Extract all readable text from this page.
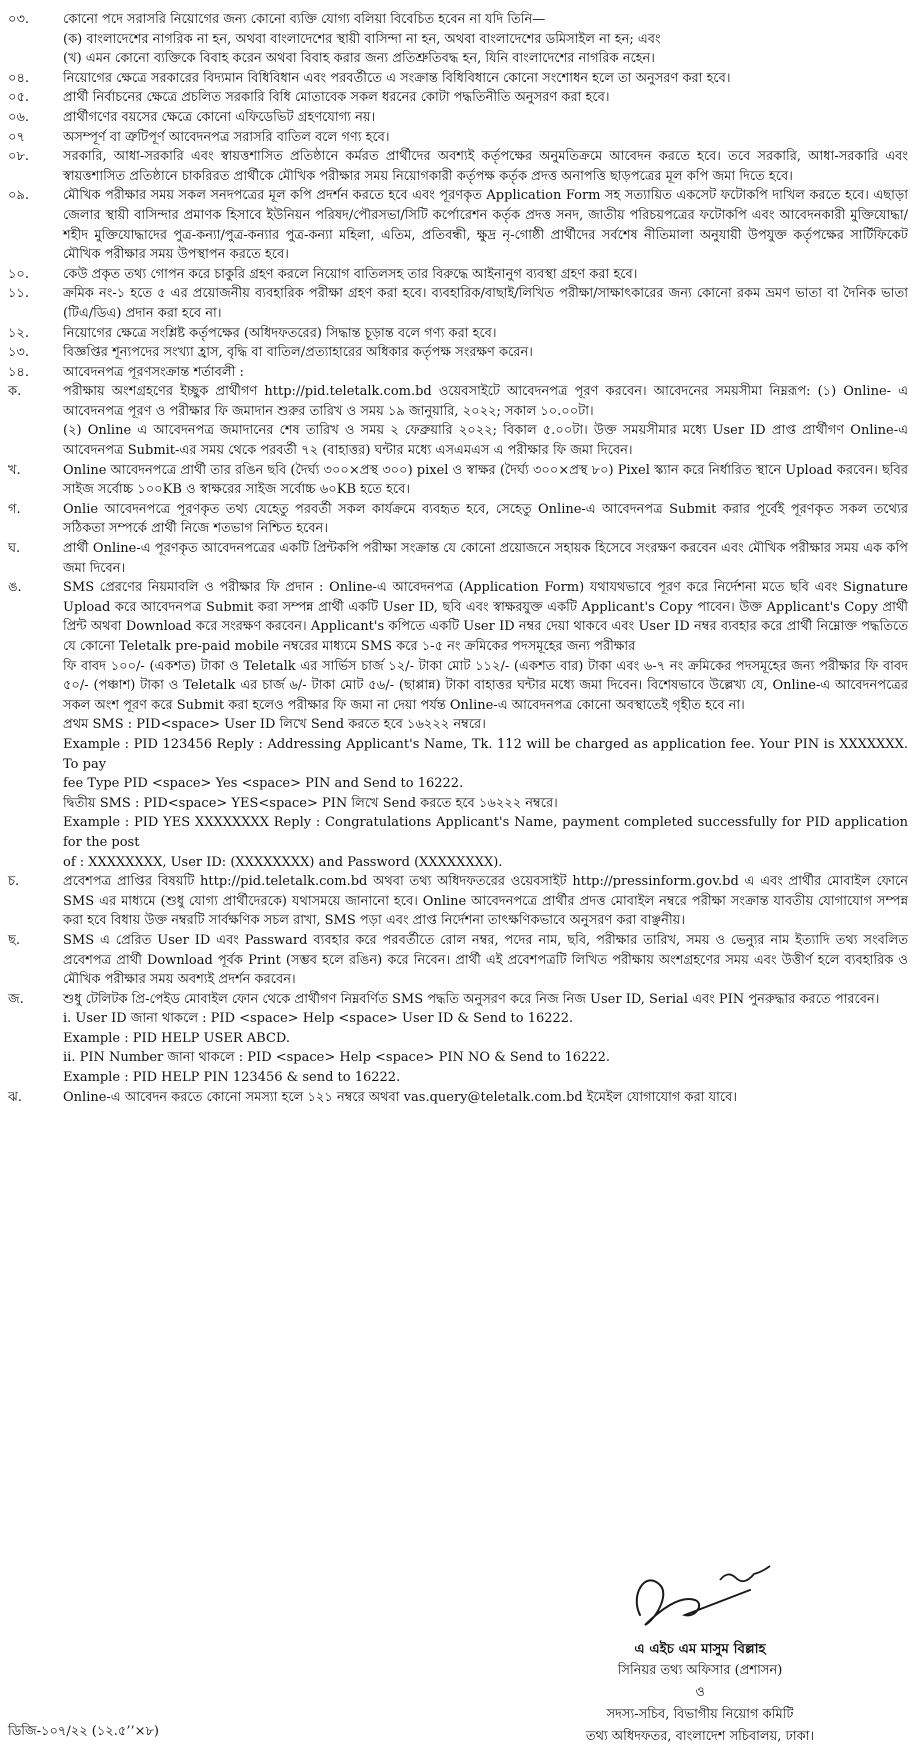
০৩.	কোনো পদে সরাসরি নিয়োগের জন্য কোনো ব্যক্তি যোগ্য বলিয়া বিবেচিত হবেন না যদি তিনি—
(ক) বাংলাদেশের নাগরিক না হন, অথবা বাংলাদেশের স্থায়ী বাসিন্দা না হন, অথবা বাংলাদেশের ডমিসাইল না হন; এবং
(খ) এমন কোনো ব্যক্তিকে বিবাহ করেন অথবা বিবাহ করার জন্য প্রতিশ্রুতিবদ্ধ হন, যিনি বাংলাদেশের নাগরিক নহেন।
০৪.	নিয়োগের ক্ষেত্রে সরকারের বিদ্যমান বিধিবিধান এবং পরবর্তীতে এ সংক্রান্ত বিধিবিধানে কোনো সংশোধন হলে তা অনুসরণ করা হবে।
০৫.	প্রার্থী নির্বাচনের ক্ষেত্রে প্রচলিত সরকারি বিধি মোতাবেক সকল ধরনের কোটা পদ্ধতিনীতি অনুসরণ করা হবে।
০৬.	প্রার্থীগণের বয়সের ক্ষেত্রে কোনো এফিডেভিট গ্রহণযোগ্য নয়।
০৭	অসম্পূর্ণ বা ত্রুটিপূর্ণ আবেদনপত্র সরাসরি বাতিল বলে গণ্য হবে।
০৮.	সরকারি, আধা-সরকারি এবং স্বায়ত্তশাসিত প্রতিষ্ঠানে কর্মরত প্রার্থীদের অবশ্যই কর্তৃপক্ষের অনুমতিক্রমে আবেদন করতে হবে। তবে সরকারি, আধা-সরকারি এবং স্বায়ত্তশাসিত প্রতিষ্ঠানে চাকরিরত প্রার্থীকে মৌখিক পরীক্ষার সময় নিয়োগকারী কর্তৃপক্ষ কর্তৃক প্রদত্ত অনাপত্তি ছাড়পত্রের মূল কপি জমা দিতে হবে।
০৯.	মৌখিক পরীক্ষার সময় সকল সনদপত্রের মূল কপি প্রদর্শন করতে হবে এবং পূরণকৃত Application Form সহ সত্যায়িত একসেট ফটোকপি দাখিল করতে হবে। এছাড়া জেলার স্থায়ী বাসিন্দার প্রমাণক হিসাবে ইউনিয়ন পরিষদ/পৌরসভা/সিটি কর্পোরেশন কর্তৃক প্রদত্ত সনদ, জাতীয় পরিচয়পত্রের ফটোকপি এবং আবেদনকারী মুক্তিযোদ্ধা/শহীদ মুক্তিযোদ্ধাদের পুত্র-কন্যা/পুত্র-কন্যার পুত্র-কন্যা মহিলা, এতিম, প্রতিবন্ধী, ক্ষুদ্র নৃ-গোষ্ঠী প্রার্থীদের সর্বশেষ নীতিমালা অনুযায়ী উপযুক্ত কর্তৃপক্ষের সার্টিফিকেট মৌখিক পরীক্ষার সময় উপস্থাপন করতে হবে।
১০.	কেউ প্রকৃত তথ্য গোপন করে চাকুরি গ্রহণ করলে নিয়োগ বাতিলসহ তার বিরুদ্ধে আইনানুগ ব্যবস্থা গ্রহণ করা হবে।
১১.	ক্রমিক নং-১ হতে ৫ এর প্রয়োজনীয় ব্যবহারিক পরীক্ষা গ্রহণ করা হবে। ব্যবহারিক/বাছাই/লিখিত পরীক্ষা/সাক্ষাৎকারের জন্য কোনো রকম ভ্রমণ ভাতা বা দৈনিক ভাতা (টিএ/ডিএ) প্রদান করা হবে না।
১২.	নিয়োগের ক্ষেত্রে সংশ্লিষ্ট কর্তৃপক্ষের (অধিদফতরের) সিদ্ধান্ত চূড়ান্ত বলে গণ্য করা হবে।
১৩.	বিজ্ঞপ্তির শূন্যপদের সংখ্যা হ্রাস, বৃদ্ধি বা বাতিল/প্রত্যাহারের অধিকার কর্তৃপক্ষ সংরক্ষণ করেন।
১৪.	আবেদনপত্র পূরণসংক্রান্ত শর্তাবলী :
ক.	পরীক্ষায় অংশগ্রহণের ইচ্ছুক প্রার্থীগণ http://pid.teletalk.com.bd ওয়েবসাইটে আবেদনপত্র পূরণ করবেন। আবেদনের সময়সীমা নিম্নরূপ: (১) Online- এ আবেদনপত্র পূরণ ও পরীক্ষার ফি জমাদান শুরুর তারিখ ও সময় ১৯ জানুয়ারি, ২০২২; সকাল ১০.০০টা।
(২) Online এ আবেদনপত্র জমাদানের শেষ তারিখ ও সময় ২ ফেব্রুয়ারি ২০২২; বিকাল ৫.০০টা। উক্ত সময়সীমার মধ্যে User ID প্রাপ্ত প্রার্থীগণ Online-এ আবেদনপত্র Submit-এর সময় থেকে পরবর্তী ৭২ (বাহাত্তর) ঘন্টার মধ্যে এসএমএস এ পরীক্ষার ফি জমা দিবেন।
খ.	Online আবেদনপত্রে প্রার্থী তার রঙিন ছবি (দৈর্ঘ্য ৩০০×প্রস্থ ৩০০) pixel ও স্বাক্ষর (দৈর্ঘ্য ৩০০×প্রস্থ ৮০) Pixel স্ক্যান করে নির্ধারিত স্থানে Upload করবেন। ছবির সাইজ সর্বোচ্চ ১০০KB ও স্বাক্ষরের সাইজ সর্বোচ্চ ৬০KB হতে হবে।
গ.	Onlie আবেদনপত্রে পূরণকৃত তথ্য যেহেতু পরবর্তী সকল কার্যক্রমে ব্যবহৃত হবে, সেহেতু Online-এ আবেদনপত্র Submit করার পূর্বেই পূরণকৃত সকল তথ্যের সঠিকতা সম্পর্কে প্রার্থী নিজে শতভাগ নিশ্চিত হবেন।
ঘ.	প্রার্থী Online-এ পূরণকৃত আবেদনপত্রের একটি প্রিন্টকপি পরীক্ষা সংক্রান্ত যে কোনো প্রয়োজনে সহায়ক হিসেবে সংরক্ষণ করবেন এবং মৌখিক পরীক্ষার সময় এক কপি জমা দিবেন।
ঙ.	SMS প্রেরণের নিয়মাবলি ও পরীক্ষার ফি প্রদান : Online-এ আবেদনপত্র (Application Form) যথাযথভাবে পূরণ করে নির্দেশনা মতে ছবি এবং Signature Upload করে আবেদনপত্র Submit করা সম্পন্ন প্রার্থী একটি User ID, ছবি এবং স্বাক্ষরযুক্ত একটি Applicant's Copy পাবেন। উক্ত Applicant's Copy প্রার্থী প্রিন্ট অথবা Download করে সংরক্ষণ করবেন। Applicant's কপিতে একটি User ID নম্বর দেয়া থাকবে এবং User ID নম্বর ব্যবহার করে প্রার্থী নিম্নোক্ত পদ্ধতিতে যে কোনো Teletalk pre-paid mobile নম্বরের মাধ্যমে SMS করে ১-৫ নং ক্রমিকের পদসমূহের জন্য পরীক্ষার
ফি বাবদ ১০০/- (একশত) টাকা ও Teletalk এর সার্ভিস চার্জ ১২/- টাকা মোট ১১২/- (একশত বার) টাকা এবং ৬-৭ নং ক্রমিকের পদসমূহের জন্য পরীক্ষার ফি বাবদ ৫০/- (পঞ্চাশ) টাকা ও Teletalk এর চার্জ ৬/- টাকা মোট ৫৬/- (ছাপ্পান্ন) টাকা বাহাত্তর ঘন্টার মধ্যে জমা দিবেন। বিশেষভাবে উল্লেখ্য যে, Online-এ আবেদনপত্রের সকল অংশ পূরণ করে Submit করা হলেও পরীক্ষার ফি জমা না দেয়া পর্যন্ত Online-এ আবেদনপত্র কোনো অবস্থাতেই গৃহীত হবে না।
প্রথম SMS : PID<space> User ID লিখে Send করতে হবে ১৬২২২ নম্বরে।
Example : PID 123456 Reply : Addressing Applicant's Name, Tk. 112 will be charged as application fee. Your PIN is XXXXXXX. To pay
fee Type PID <space> Yes <space> PIN and Send to 16222.
দ্বিতীয় SMS : PID<space> YES<space> PIN লিখে Send করতে হবে ১৬২২২ নম্বরে।
Example : PID YES XXXXXXXX Reply : Congratulations Applicant's Name, payment completed successfully for PID application for the post
of : XXXXXXXX, User ID: (XXXXXXXX) and Password (XXXXXXXX).
চ.	প্রবেশপত্র প্রাপ্তির বিষয়টি http://pid.teletalk.com.bd অথবা তথ্য অধিদফতরের ওয়েবসাইট http://pressinform.gov.bd এ এবং প্রার্থীর মোবাইল ফোনে SMS এর মাধ্যমে (শুধু যোগ্য প্রার্থীদেরকে) যথাসময়ে জানানো হবে। Online আবেদনপত্রে প্রার্থীর প্রদত্ত মোবাইল নম্বরে পরীক্ষা সংক্রান্ত যাবতীয় যোগাযোগ সম্পন্ন করা হবে বিধায় উক্ত নম্বরটি সার্বক্ষণিক সচল রাখা, SMS পড়া এবং প্রাপ্ত নির্দেশনা তাৎক্ষণিকভাবে অনুসরণ করা বাঞ্ছনীয়।
ছ.	SMS এ প্রেরিত User ID এবং Passward ব্যবহার করে পরবর্তীতে রোল নম্বর, পদের নাম, ছবি, পরীক্ষার তারিখ, সময় ও ভেন্যুর নাম ইত্যাদি তথ্য সংবলিত প্রবেশপত্র প্রার্থী Download পূর্বক Print (সম্ভব হলে রঙিন) করে নিবেন। প্রার্থী এই প্রবেশপত্রটি লিখিত পরীক্ষায় অংশগ্রহণের সময় এবং উত্তীর্ণ হলে ব্যবহারিক ও মৌখিক পরীক্ষার সময় অবশ্যই প্রদর্শন করবেন।
জ.	শুধু টেলিটক প্রি-পেইড মোবাইল ফোন থেকে প্রার্থীগণ নিম্নবর্ণিত SMS পদ্ধতি অনুসরণ করে নিজ নিজ User ID, Serial এবং PIN পুনরুদ্ধার করতে পারবেন।
i. User ID জানা থাকলে : PID <space> Help <space> User ID & Send to 16222.
Example : PID HELP USER ABCD.
ii. PIN Number জানা থাকলে : PID <space> Help <space> PIN NO & Send to 16222.
Example : PID HELP PIN 123456 & send to 16222.
ঝ.	Online-এ আবেদন করতে কোনো সমস্যা হলে ১২১ নম্বরে অথবা vas.query@teletalk.com.bd ইমেইল যোগাযোগ করা যাবে।
এ এইচ এম মাসুম বিল্লাহ
সিনিয়র তথ্য অফিসার (প্রশাসন)
ও
সদস্য-সচিব, বিভাগীয় নিয়োগ কমিটি
তথ্য অধিদফতর, বাংলাদেশ সচিবালয়, ঢাকা।
ডিজি-১০৭/২২ (১২.৫’’×৮)
